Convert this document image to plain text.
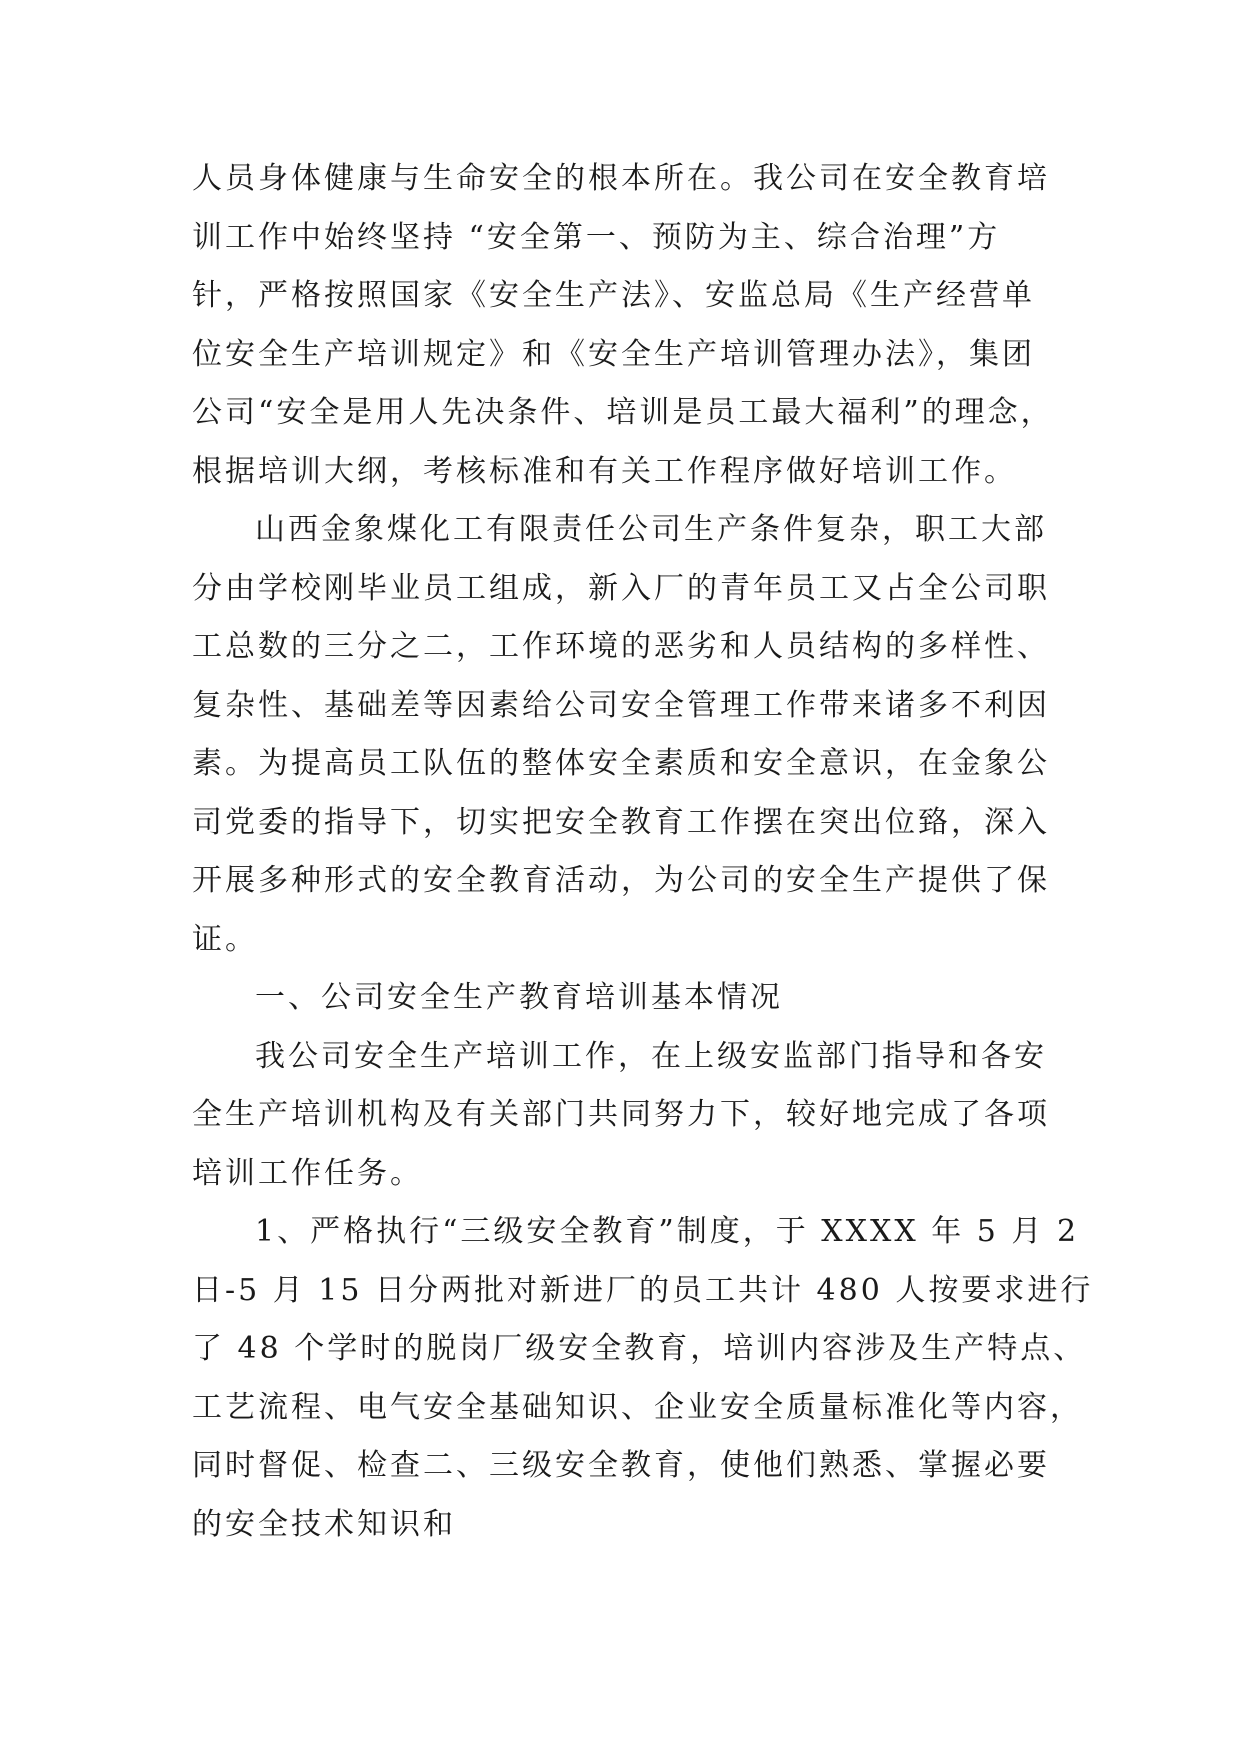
人员身体健康与生命安全的根本所在。我公司在安全教育培
训工作中始终坚持 “安全第一、预防为主、综合治理”方
针，严格按照国家《安全生产法》、安监总局《生产经营单
位安全生产培训规定》和《安全生产培训管理办法》，集团
公司“安全是用人先决条件、培训是员工最大福利”的理念，
根据培训大纲，考核标准和有关工作程序做好培训工作。
山西金象煤化工有限责任公司生产条件复杂，职工大部
分由学校刚毕业员工组成，新入厂的青年员工又占全公司职
工总数的三分之二，工作环境的恶劣和人员结构的多样性、
复杂性、基础差等因素给公司安全管理工作带来诸多不利因
素。为提高员工队伍的整体安全素质和安全意识，在金象公
司党委的指导下，切实把安全教育工作摆在突出位臵，深入
开展多种形式的安全教育活动，为公司的安全生产提供了保
证。
一、公司安全生产教育培训基本情况
我公司安全生产培训工作，在上级安监部门指导和各安
全生产培训机构及有关部门共同努力下，较好地完成了各项
培训工作任务。
1、严格执行“三级安全教育”制度，于 XXXX 年 5 月 2
日-5 月 15 日分两批对新进厂的员工共计 480 人按要求进行
了 48 个学时的脱岗厂级安全教育，培训内容涉及生产特点、
工艺流程、电气安全基础知识、企业安全质量标准化等内容，
同时督促、检查二、三级安全教育，使他们熟悉、掌握必要
的安全技术知识和
